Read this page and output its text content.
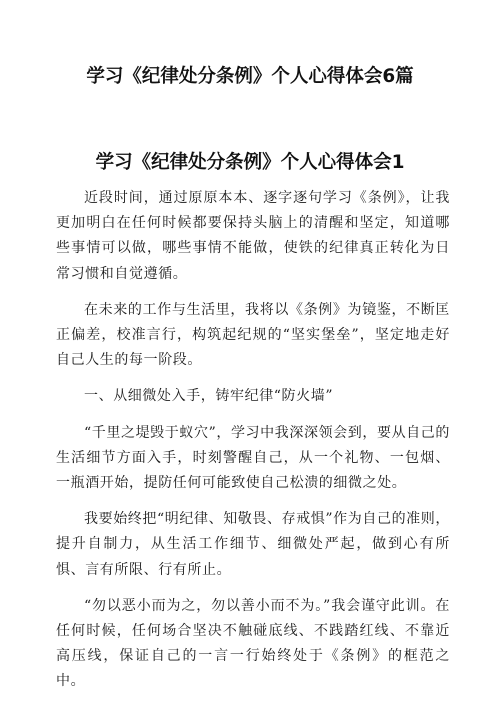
学习《纪律处分条例》个人心得体会6篇
学习《纪律处分条例》个人心得体会1

近段时间，通过原原本本、逐字逐句学习《条例》，让我更加明白在任何时候都要保持头脑上的清醒和坚定，知道哪些事情可以做，哪些事情不能做，使铁的纪律真正转化为日常习惯和自觉遵循。

在未来的工作与生活里，我将以《条例》为镜鉴，不断匡正偏差，校准言行，构筑起纪规的“坚实堡垒”，坚定地走好自己人生的每一阶段。

一、从细微处入手，铸牢纪律“防火墙”

“千里之堤毁于蚁穴”，学习中我深深领会到，要从自己的生活细节方面入手，时刻警醒自己，从一个礼物、一包烟、一瓶酒开始，提防任何可能致使自己松溃的细微之处。

我要始终把“明纪律、知敬畏、存戒惧”作为自己的准则，提升自制力，从生活工作细节、细微处严起，做到心有所惧、言有所限、行有所止。

“勿以恶小而为之，勿以善小而不为。”我会谨守此训。在任何时候，任何场合坚决不触碰底线、不践踏红线、不靠近高压线，保证自己的一言一行始终处于《条例》的框范之中。
